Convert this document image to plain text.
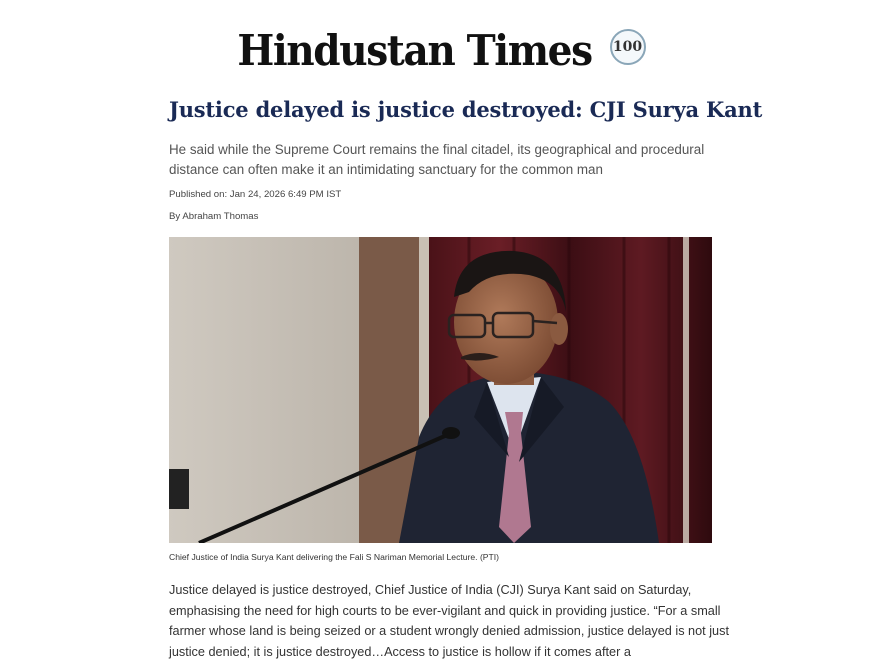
Hindustan Times 100
Justice delayed is justice destroyed: CJI Surya Kant
He said while the Supreme Court remains the final citadel, its geographical and procedural distance can often make it an intimidating sanctuary for the common man
Published on: Jan 24, 2026 6:49 PM IST
By Abraham Thomas
Chief Justice of India Surya Kant delivering the Fali S Nariman Memorial Lecture. (PTI)

Justice delayed is justice destroyed, Chief Justice of India (CJI) Surya Kant said on Saturday, emphasising the need for high courts to be ever-vigilant and quick in providing justice. “For a small farmer whose land is being seized or a student wrongly denied admission, justice delayed is not just justice denied; it is justice destroyed…Access to justice is hollow if it comes after a
